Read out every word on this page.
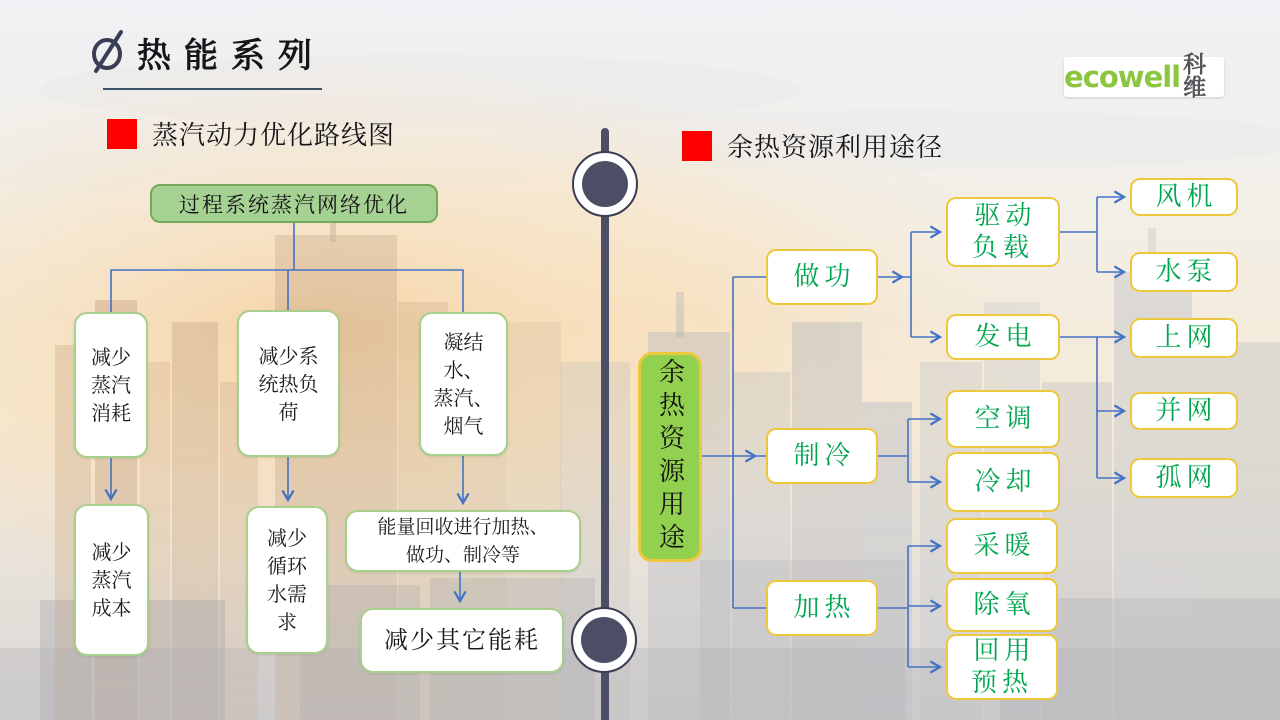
热能系列
ecowell 科维
蒸汽动力优化路线图	余热资源利用途径
过程系统蒸汽网络优化
减少
蒸汽
消耗
减少系
统热负
荷
凝结
水、
蒸汽、
烟气
减少
蒸汽
成本
减少
循环
水需
求
能量回收进行加热、
做功、制冷等
减少其它能耗
余热资源用途
做功
制冷
加热
驱动
负载
发电
空调
冷却
采暖
除氧
回用
预热
风机
水泵
上网
并网
孤网
